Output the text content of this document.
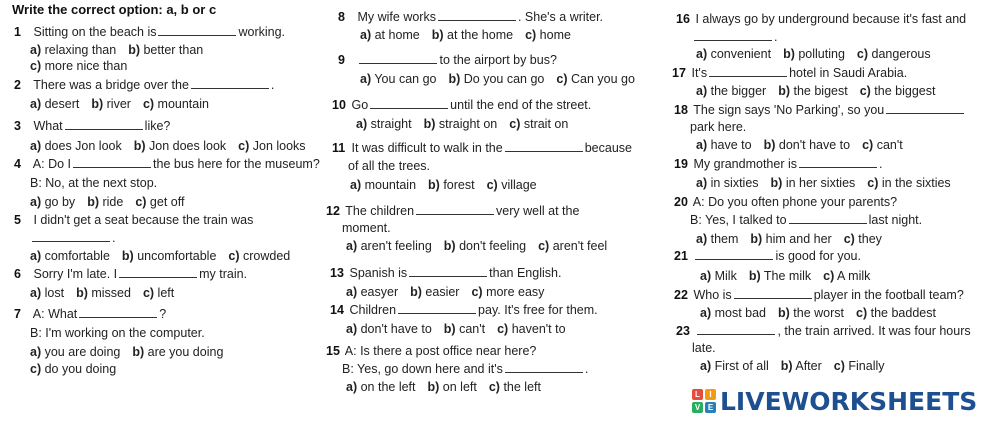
Write the correct option: a, b or c
1 Sitting on the beach is	working.
a) relaxing than b) better than
c) more nice than
2 There was a bridge over the	.
a) desert b) river c) mountain
3 What	like?
a) does Jon look b) Jon does look c) Jon looks
4 A: Do I	the bus here for the museum?
B: No, at the next stop.
a) go by b) ride c) get off
5 I didn't get a seat because the train was
.
a) comfortable b) uncomfortable c) crowded
6 Sorry I'm late. I	my train.
a) lost b) missed c) left
7 A: What	?
B: I'm working on the computer.
a) you are doing b) are you doing
c) do you doing
8 My wife works	. She's a writer.
a) at home b) at the home c) home
9	to the airport by bus?
a) You can go b) Do you can go c) Can you go
10 Go	until the end of the street.
a) straight b) straight on c) strait on
11 It was difficult to walk in the	because
of all the trees.
a) mountain b) forest c) village
12 The children	very well at the
moment.
a) aren't feeling b) don't feeling c) aren't feel
13 Spanish is	than English.
a) easyer b) easier c) more easy
14 Children	pay. It's free for them.
a) don't have to b) can't c) haven't to
15 A: Is there a post office near here?
B: Yes, go down here and it's	.
a) on the left b) on left c) the left
16 I always go by underground because it's fast and
.
a) convenient b) polluting c) dangerous
17 It's	hotel in Saudi Arabia.
a) the bigger b) the bigest c) the biggest
18 The sign says 'No Parking', so you
park here.
a) have to b) don't have to c) can't
19 My grandmother is	.
a) in sixties b) in her sixties c) in the sixties
20 A: Do you often phone your parents?
B: Yes, I talked to	last night.
a) them b) him and her c) they
21	is good for you.
a) Milk b) The milk c) A milk
22 Who is	player in the football team?
a) most bad b) the worst c) the baddest
23	, the train arrived. It was four hours
late.
a) First of all b) After c) Finally
L	I
V E LIVEWORKSHEETS
